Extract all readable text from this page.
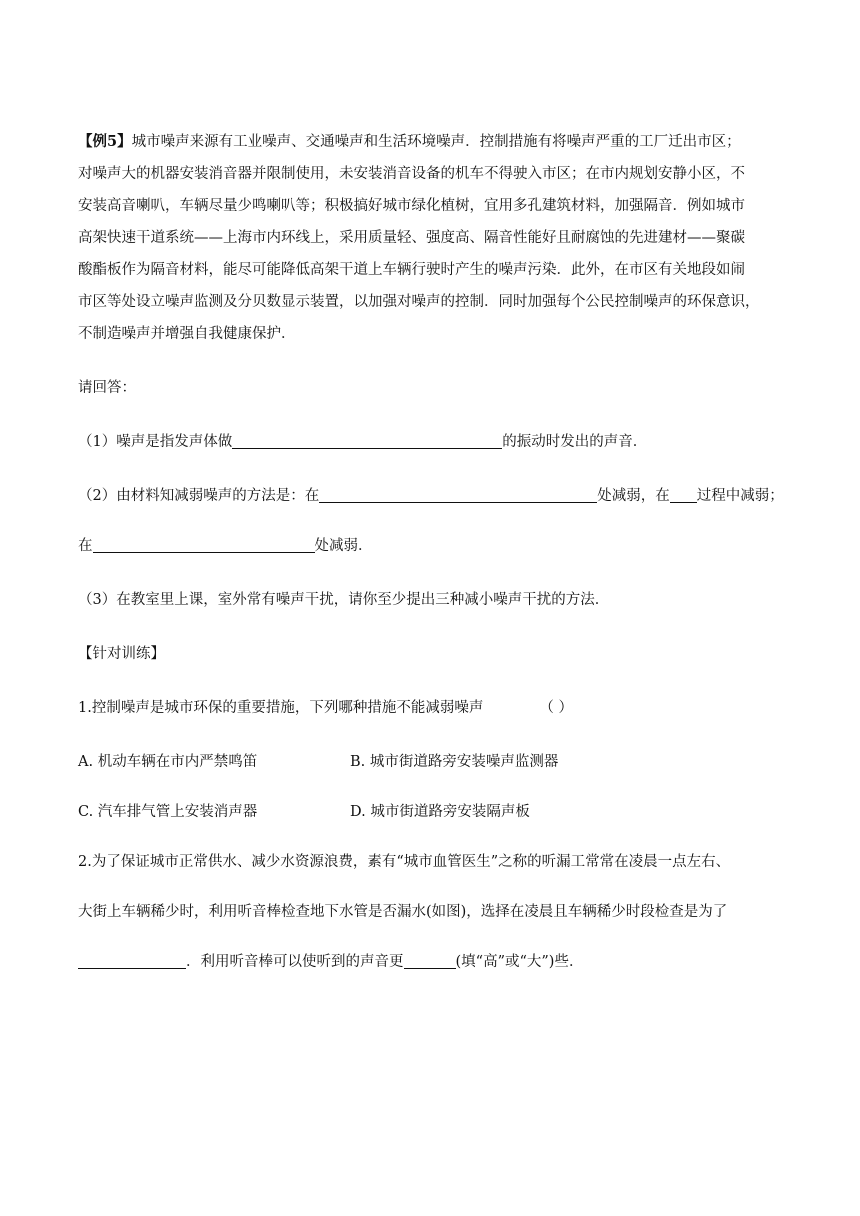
【例5】城市噪声来源有工业噪声、交通噪声和生活环境噪声．控制措施有将噪声严重的工厂迁出市区；

对噪声大的机器安装消音器并限制使用，未安装消音设备的机车不得驶入市区；在市内规划安静小区，不

安装高音喇叭，车辆尽量少鸣喇叭等；积极搞好城市绿化植树，宜用多孔建筑材料，加强隔音．例如城市

高架快速干道系统——上海市内环线上，采用质量轻、强度高、隔音性能好且耐腐蚀的先进建材——聚碳

酸酯板作为隔音材料，能尽可能降低高架干道上车辆行驶时产生的噪声污染．此外，在市区有关地段如闹

市区等处设立噪声监测及分贝数显示装置，以加强对噪声的控制．同时加强每个公民控制噪声的环保意识，

不制造噪声并增强自我健康保护．

请回答：

（1）噪声是指发声体做	的振动时发出的声音．

（2）由材料知减弱噪声的方法是：在	处减弱，在 过程中减弱；

在	处减弱．

（3）在教室里上课，室外常有噪声干扰，请你至少提出三种减小噪声干扰的方法．

【针对训练】

1.控制噪声是城市环保的重要措施，下列哪种措施不能减弱噪声	（ ）

A. 机动车辆在市内严禁鸣笛	B. 城市街道路旁安装噪声监测器
C. 汽车排气管上安装消声器	D. 城市街道路旁安装隔声板

2.为了保证城市正常供水、减少水资源浪费，素有“城市血管医生”之称的听漏工常常在凌晨一点左右、

大街上车辆稀少时，利用听音棒检查地下水管是否漏水(如图)，选择在凌晨且车辆稀少时段检查是为了

．利用听音棒可以使听到的声音更	(填“高”或“大”)些．
